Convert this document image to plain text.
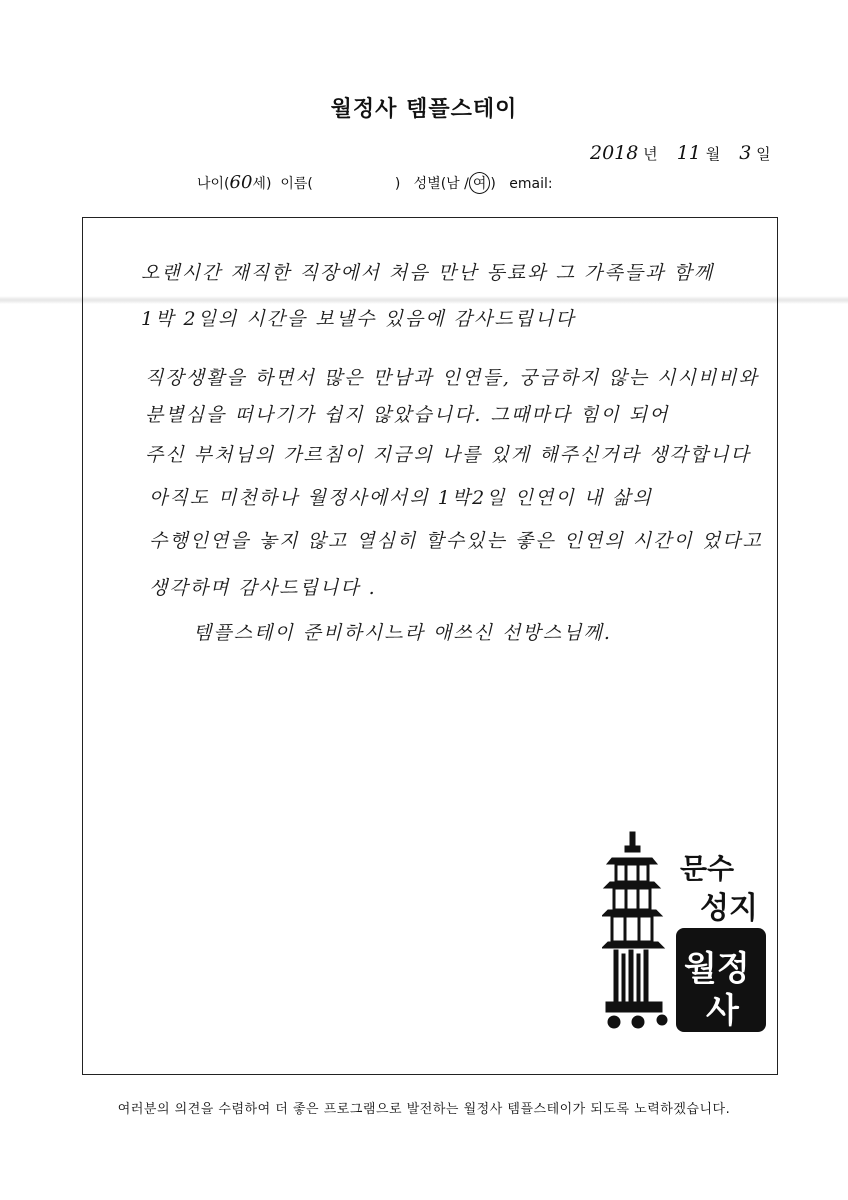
월정사 템플스테이
2018 년 11 월 3 일
나이(60세) 이름(	) 성별(남 / 여 ) email:
오랜시간 재직한 직장에서 처음 만난 동료와 그 가족들과 함께
1박 2일의 시간을 보낼수 있음에 감사드립니다
직장생활을 하면서 많은 만남과 인연들, 궁금하지 않는 시시비비와
분별심을 떠나기가 쉽지 않았습니다. 그때마다 힘이 되어
주신 부처님의 가르침이 지금의 나를 있게 해주신거라 생각합니다
아직도 미천하나 월정사에서의 1박2일 인연이 내 삶의
수행인연을 놓지 않고 열심히 할수있는 좋은 인연의 시간이 었다고
생각하며 감사드립니다 .
템플스테이 준비하시느라 애쓰신 선방스님께.
문수
성지
월정
사
여러분의 의견을 수렴하여 더 좋은 프로그램으로 발전하는 월정사 템플스테이가 되도록 노력하겠습니다.
